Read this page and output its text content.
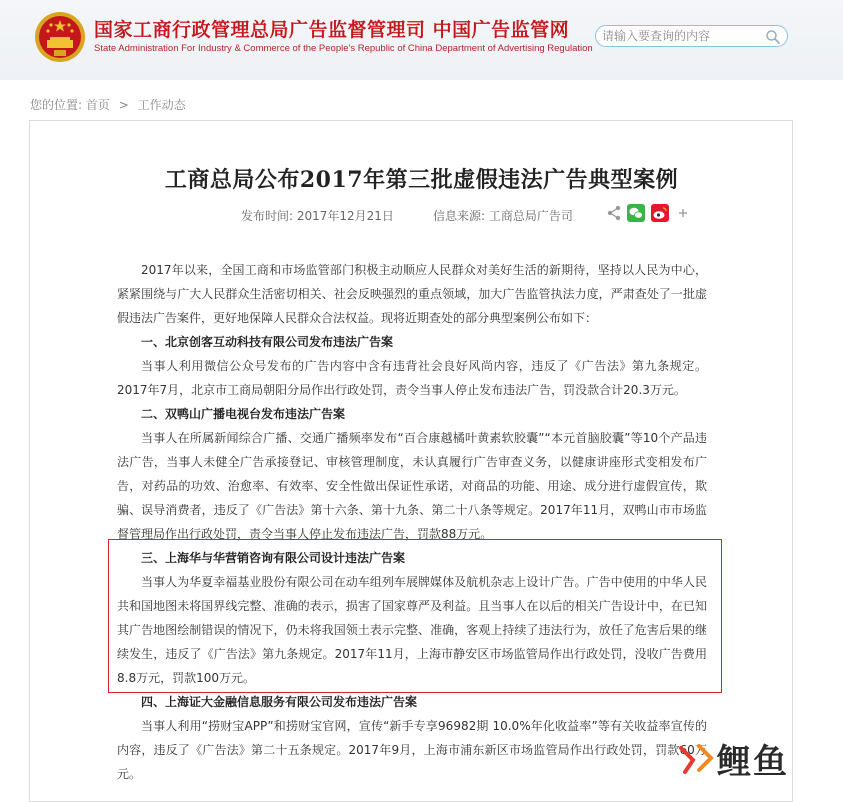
国家工商行政管理总局广告监督管理司 中国广告监管网
State Administration For Industry & Commerce of the People's Republic of China Department of Advertising Regulation
请输入要查询的内容
您的位置: 首页 > 工作动态
工商总局公布2017年第三批虚假违法广告典型案例
发布时间: 2017年12月21日	信息来源: 工商总局广告司

2017年以来，全国工商和市场监管部门积极主动顺应人民群众对美好生活的新期待，坚持以人民为中心，紧紧围绕与广大人民群众生活密切相关、社会反映强烈的重点领域，加大广告监管执法力度，严肃查处了一批虚假违法广告案件，更好地保障人民群众合法权益。现将近期查处的部分典型案例公布如下：

一、北京创客互动科技有限公司发布违法广告案

当事人利用微信公众号发布的广告内容中含有违背社会良好风尚内容，违反了《广告法》第九条规定。2017年7月，北京市工商局朝阳分局作出行政处罚，责令当事人停止发布违法广告，罚没款合计20.3万元。

二、双鸭山广播电视台发布违法广告案

当事人在所属新闻综合广播、交通广播频率发布“百合康越橘叶黄素软胶囊”“本元首脑胶囊”等10个产品违法广告，当事人未健全广告承接登记、审核管理制度，未认真履行广告审查义务，以健康讲座形式变相发布广告，对药品的功效、治愈率、有效率、安全性做出保证性承诺，对商品的功能、用途、成分进行虚假宣传，欺骗、误导消费者，违反了《广告法》第十六条、第十九条、第二十八条等规定。2017年11月，双鸭山市市场监督管理局作出行政处罚，责令当事人停止发布违法广告，罚款88万元。

三、上海华与华营销咨询有限公司设计违法广告案

当事人为华夏幸福基业股份有限公司在动车组列车展牌媒体及航机杂志上设计广告。广告中使用的中华人民共和国地图未将国界线完整、准确的表示，损害了国家尊严及利益。且当事人在以后的相关广告设计中，在已知其广告地图绘制错误的情况下，仍未将我国领土表示完整、准确，客观上持续了违法行为，放任了危害后果的继续发生，违反了《广告法》第九条规定。2017年11月，上海市静安区市场监管局作出行政处罚，没收广告费用8.8万元，罚款100万元。

四、上海证大金融信息服务有限公司发布违法广告案

当事人利用“捞财宝APP”和捞财宝官网，宣传“新手专享96982期 10.0%年化收益率”等有关收益率宣传的内容，违反了《广告法》第二十五条规定。2017年9月，上海市浦东新区市场监管局作出行政处罚，罚款60万元。	鲤鱼
